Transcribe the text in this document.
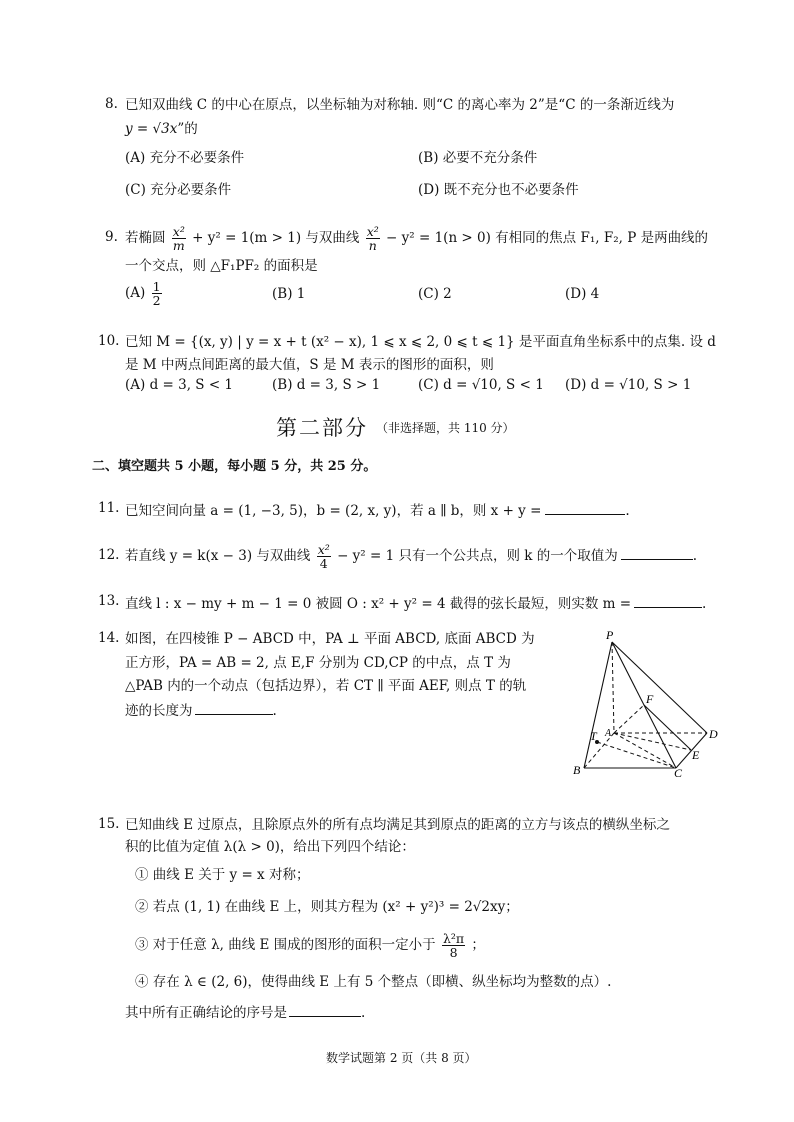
8. 已知双曲线 C 的中心在原点，以坐标轴为对称轴. 则“C 的离心率为 2”是“C 的一条渐近线为
y = √3x”的
(A) 充分不必要条件	(B) 必要不充分条件
(C) 充分必要条件	(D) 既不充分也不必要条件
9. 若椭圆 $\frac{\text{x²}}{m} + y^2 = 1(m > 1)$ 与双曲线 $\frac{\text{x²}}{n} - y^2 = 1(n > 0)$ 有相同的焦点 F₁, F₂, P 是两曲线的
一个交点，则 △F₁PF₂ 的面积是
$(A) \frac{1}{2}$	(B) 1	(C) 2	(D) 4
10. 已知 M = {(x, y) | y = x + t (x² − x), 1 ⩽ x ⩽ 2, 0 ⩽ t ⩽ 1} 是平面直角坐标系中的点集. 设 d
是 M 中两点间距离的最大值，S 是 M 表示的图形的面积，则
(A) d = 3, S < 1	(B) d = 3, S > 1	(C) d = √10, S < 1 (D) d = √10, S > 1
第二部分 （非选择题，共 110 分）
二、填空题共 5 小题，每小题 5 分，共 25 分。
11. 已知空间向量 a = (1, −3, 5)，b = (2, x, y)，若 a ∥ b，则 x + y =	.
12. 若直线 y = k(x − 3) 与双曲线 $\frac{\text{x²}}{4} - y^2 = 1$ 只有一个公共点，则 k 的一个取值为	.
13. 直线 l : x − my + m − 1 = 0 被圆 O : x² + y² = 4 截得的弦长最短，则实数 m =	.
14. 如图，在四棱锥 P − ABCD 中，PA ⊥ 平面 ABCD, 底面 ABCD 为
正方形，PA = AB = 2, 点 E,F 分别为 CD,CP 的中点，点 T 为
△PAB 内的一个动点（包括边界），若 CT ∥ 平面 AEF, 则点 T 的轨
迹的长度为	.
P
F
A
T	D
E
B	C
15. 已知曲线 E 过原点，且除原点外的所有点均满足其到原点的距离的立方与该点的横纵坐标之
积的比值为定值 λ(λ > 0)，给出下列四个结论：
① 曲线 E 关于 y = x 对称；
② 若点 (1, 1) 在曲线 E 上，则其方程为 (x² + y²)³ = 2√2xy；
③ 对于任意 λ, 曲线 E 围成的图形的面积一定小于 $\frac{\text{λ²π}}{8}$ ；
④ 存在 λ ∈ (2, 6)，使得曲线 E 上有 5 个整点（即横、纵坐标均为整数的点）.
其中所有正确结论的序号是	.
数学试题第 2 页（共 8 页）
